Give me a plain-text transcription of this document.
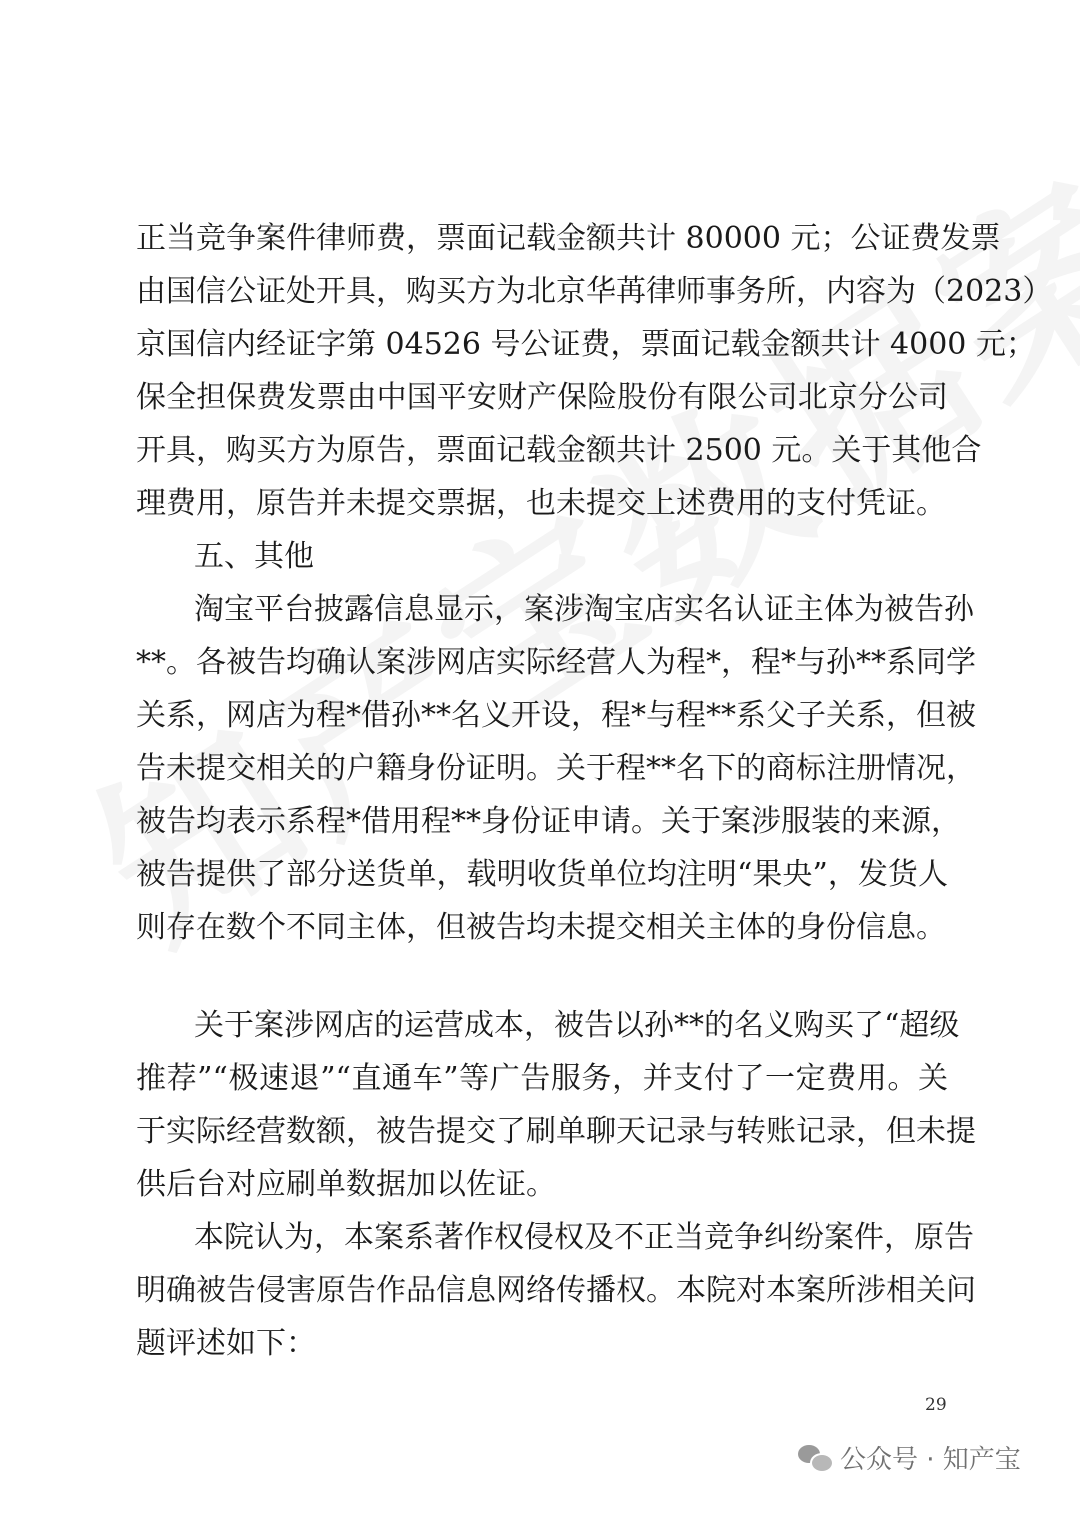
正当竞争案件律师费，票面记载金额共计 80000 元；公证费发票
由国信公证处开具，购买方为北京华苒律师事务所，内容为（2023）
京国信内经证字第 04526 号公证费，票面记载金额共计 4000 元；
保全担保费发票由中国平安财产保险股份有限公司北京分公司
开具，购买方为原告，票面记载金额共计 2500 元。关于其他合
理费用，原告并未提交票据，也未提交上述费用的支付凭证。
五、其他
淘宝平台披露信息显示，案涉淘宝店实名认证主体为被告孙
**。各被告均确认案涉网店实际经营人为程*，程*与孙**系同学
关系，网店为程*借孙**名义开设，程*与程**系父子关系，但被
告未提交相关的户籍身份证明。关于程**名下的商标注册情况，
被告均表示系程*借用程**身份证申请。关于案涉服装的来源，
被告提供了部分送货单，载明收货单位均注明“果央”，发货人
则存在数个不同主体，但被告均未提交相关主体的身份信息。
关于案涉网店的运营成本，被告以孙**的名义购买了“超级
推荐”“极速退”“直通车”等广告服务，并支付了一定费用。关
于实际经营数额，被告提交了刷单聊天记录与转账记录，但未提
供后台对应刷单数据加以佐证。
本院认为，本案系著作权侵权及不正当竞争纠纷案件，原告
明确被告侵害原告作品信息网络传播权。本院对本案所涉相关问
题评述如下：
29
公众号 · 知产宝
